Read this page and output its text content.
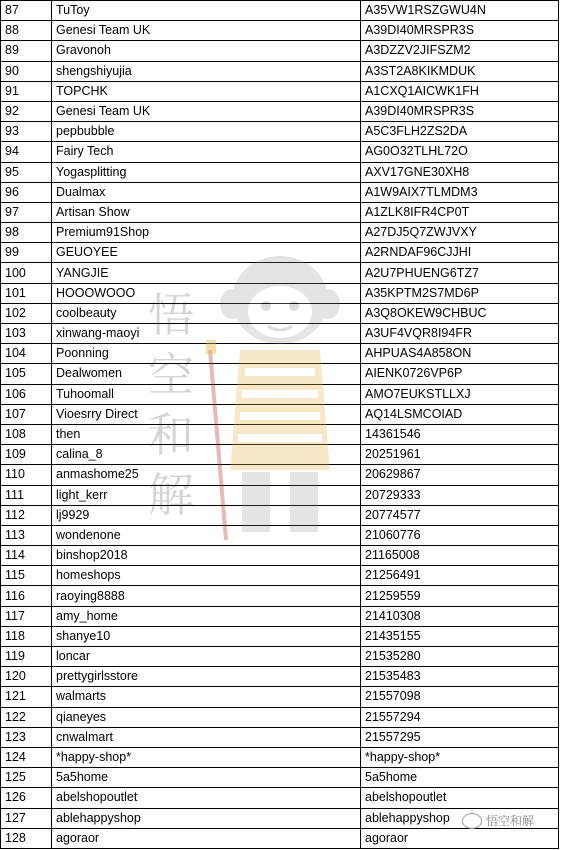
87	TuToy	A35VW1RSZGWU4N
88	Genesi Team UK	A39DI40MRSPR3S
89	Gravonoh	A3DZZV2JIFSZM2
90	shengshiyujia	A3ST2A8KIKMDUK
91	TOPCHK	A1CXQ1AICWK1FH
92	Genesi Team UK	A39DI40MRSPR3S
93	pepbubble	A5C3FLH2ZS2DA
94	Fairy Tech	AG0O32TLHL72O
95	Yogasplitting	AXV17GNE30XH8
96	Dualmax	A1W9AIX7TLMDM3
97	Artisan Show	A1ZLK8IFR4CP0T
98	Premium91Shop	A27DJ5Q7ZWJVXY
99	GEUOYEE	A2RNDAF96CJJHI
100	YANGJIE	A2U7PHUENG6TZ7
101	HOOOWOOO	A35KPTM2S7MD6P
102	coolbeauty	A3Q8OKEW9CHBUC
103	xinwang-maoyi	A3UF4VQR8I94FR
104	Poonning	AHPUAS4A858ON
105	Dealwomen	AIENK0726VP6P
106	Tuhoomall	AMO7EUKSTLLXJ
107	Vioesrry Direct	AQ14LSMCOIAD
108	then	14361546
109	calina_8	20251961
110	anmashome25	20629867
111	light_kerr	20729333
112	lj9929	20774577
113	wondenone	21060776
114	binshop2018	21165008
115	homeshops	21256491
116	raoying8888	21259559
117	amy_home	21410308
118	shanye10	21435155
119	loncar	21535280
120	prettygirlsstore	21535483
121	walmarts	21557098
122	qianeyes	21557294
123	cnwalmart	21557295
124	*happy-shop*	*happy-shop*
125	5a5home	5a5home
126	abelshopoutlet	abelshopoutlet
127	ablehappyshop	ablehappyshop
128	agoraor	agoraor
悟
空
和
解
悟空和解
